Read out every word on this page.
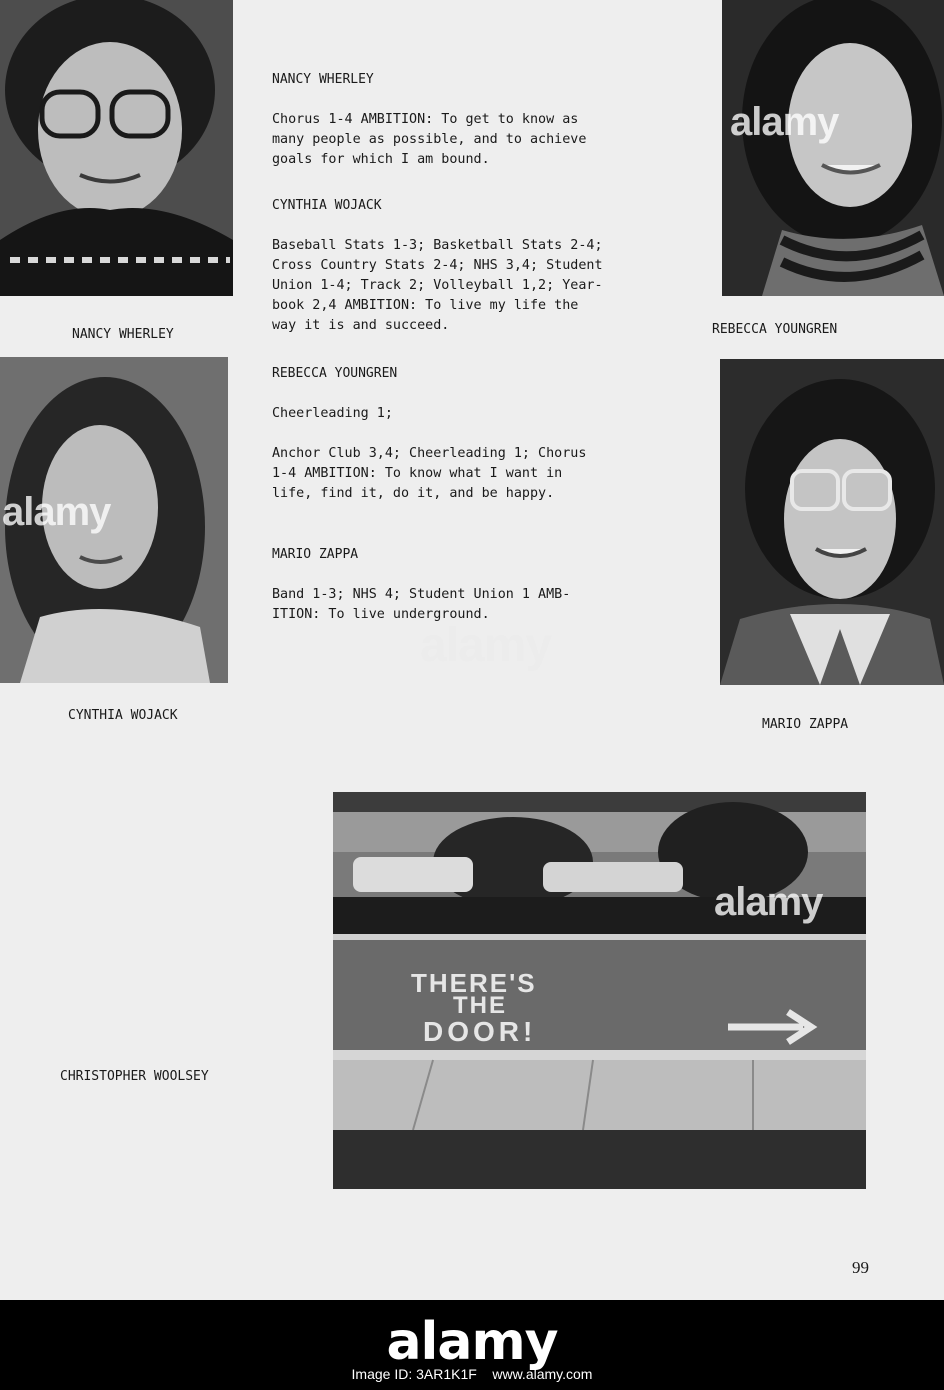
NANCY WHERLEY	REBECCA YOUNGREN
CYNTHIA WOJACK
MARIO ZAPPA
CHRISTOPHER WOOLSEY

NANCY WHERLEY

Chorus 1-4 AMBITION: To get to know as

many people as possible, and to achieve

goals for which I am bound.

CYNTHIA WOJACK

Baseball Stats 1-3; Basketball Stats 2-4;

Cross Country Stats 2-4; NHS 3,4; Student

Union 1-4; Track 2; Volleyball 1,2; Year-

book 2,4 AMBITION: To live my life the

way it is and succeed.

REBECCA YOUNGREN

Cheerleading 1;

Anchor Club 3,4; Cheerleading 1; Chorus

1-4 AMBITION: To know what I want in

life, find it, do it, and be happy.

MARIO ZAPPA

Band 1-3; NHS 4; Student Union 1 AMB-

ITION: To live underground.

THERE'S
THE
DOOR!
alamy
alamy
alamy
alamy
99
alamy
Image ID: 3AR1K1F    www.alamy.com
